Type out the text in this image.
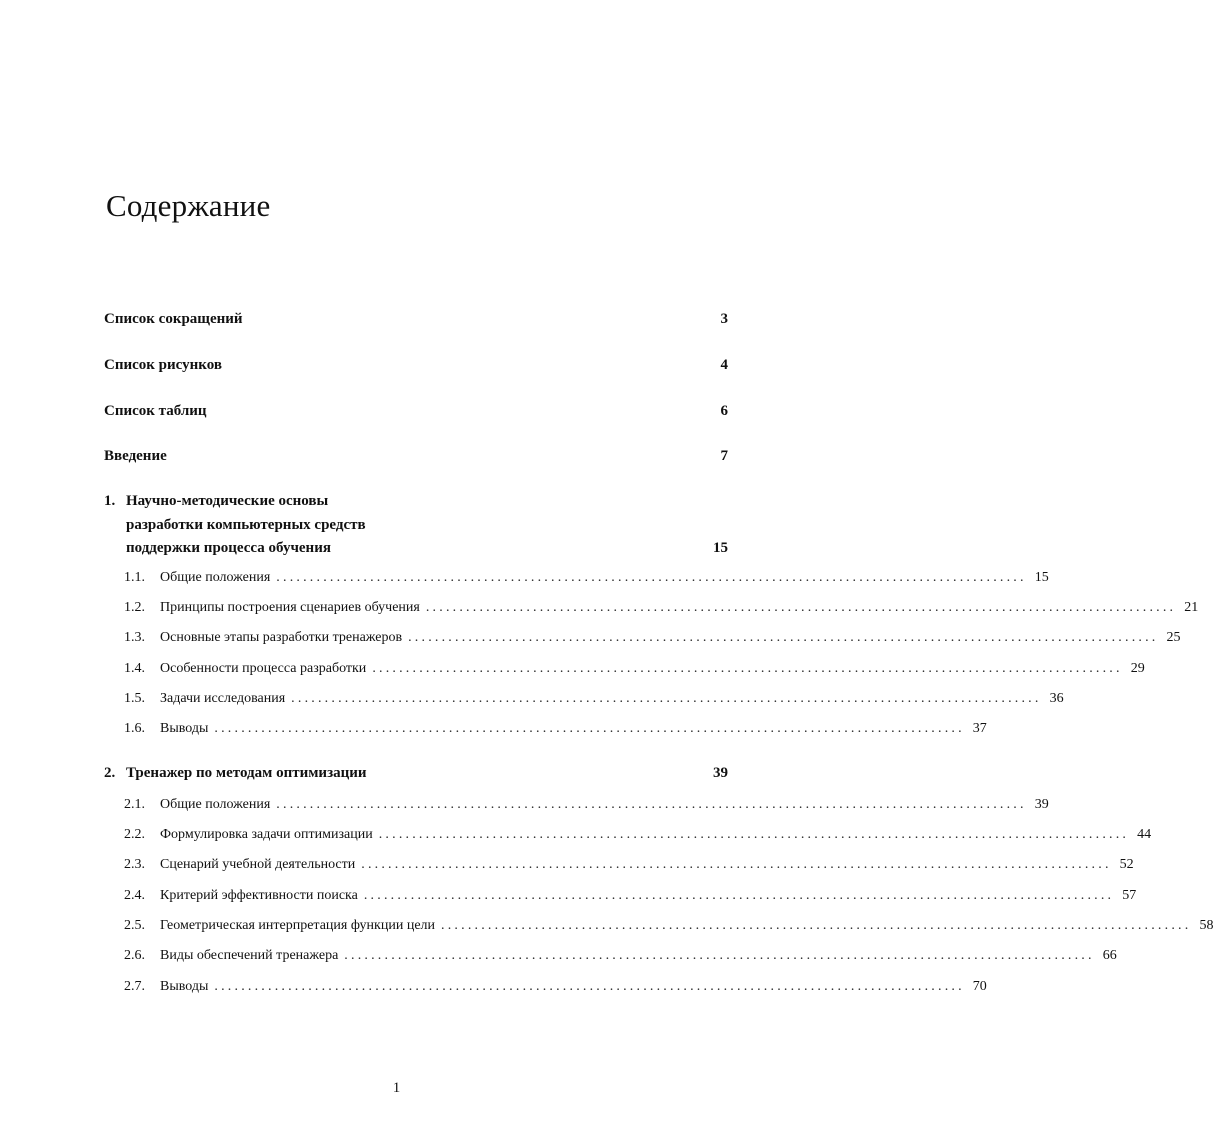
Содержание
Список сокращений	3
Список рисунков	4
Список таблиц	6
Введение	7
1. Научно-методические основы
разработки компьютерных средств
поддержки процесса обучения	15
1.1.	Общие положения ................................................................................................................ 15
1.2.	Принципы построения сценариев обучения ................................................................................................................ 21
1.3.	Основные этапы разработки тренажеров ................................................................................................................ 25
1.4.	Особенности процесса разработки ................................................................................................................ 29
1.5.	Задачи исследования ................................................................................................................ 36
1.6.	Выводы ................................................................................................................ 37
2. Тренажер по методам оптимизации	39
2.1.	Общие положения ................................................................................................................ 39
2.2.	Формулировка задачи оптимизации ................................................................................................................ 44
2.3.	Сценарий учебной деятельности ................................................................................................................ 52
2.4.	Критерий эффективности поиска ................................................................................................................ 57
2.5.	Геометрическая интерпретация функции цели ................................................................................................................ 58
2.6.	Виды обеспечений тренажера ................................................................................................................ 66
2.7.	Выводы ................................................................................................................ 70
1
